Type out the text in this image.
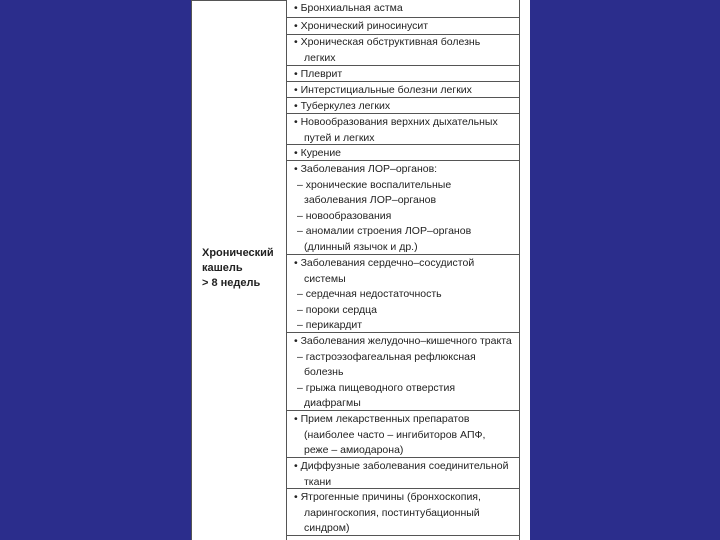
Хронический
кашель
> 8 недель
• Бронхиальная астма
• Хронический риносинусит
• Хроническая обструктивная болезнь
легких
• Плеврит
• Интерстициальные болезни легких
• Туберкулез легких
• Новообразования верхних дыхательных
путей и легких
• Курение
• Заболевания ЛОР–органов:
– хронические воспалительные
заболевания ЛОР–органов
– новообразования
– аномалии строения ЛОР–органов
(длинный язычок и др.)
• Заболевания сердечно–сосудистой
системы
– сердечная недостаточность
– пороки сердца
– перикардит
• Заболевания желудочно–кишечного тракта
– гастроэзофагеальная рефлюксная
болезнь
– грыжа пищеводного отверстия
диафрагмы
• Прием лекарственных препаратов
(наиболее часто – ингибиторов АПФ,
реже – амиодарона)
• Диффузные заболевания соединительной
ткани
• Ятрогенные причины (бронхоскопия,
ларингоскопия, постинтубационный
синдром)
